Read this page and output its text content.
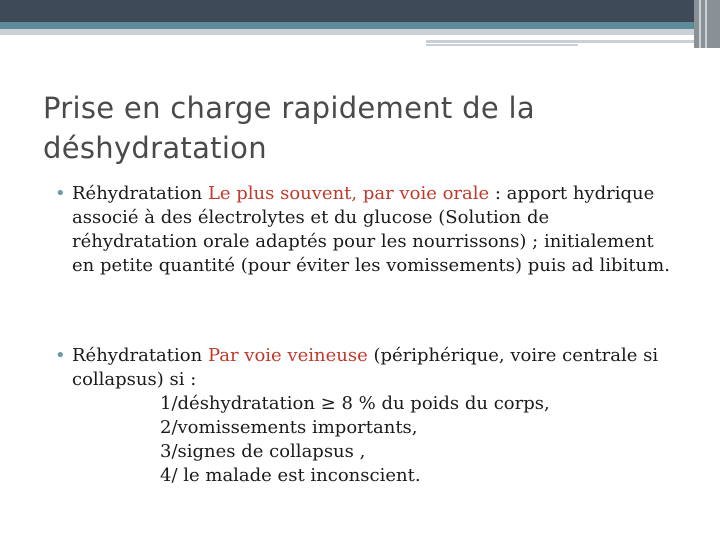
Prise en charge rapidement de la
déshydratation
• Réhydratation Le plus souvent, par voie orale : apport hydrique associé à des électrolytes et du glucose (Solution de réhydratation orale adaptés pour les nourrissons) ; initialement en petite quantité (pour éviter les vomissements) puis ad libitum.
• Réhydratation Par voie veineuse (périphérique, voire centrale si collapsus) si :
1/déshydratation ≥ 8 % du poids du corps,
2/vomissements importants,
3/signes de collapsus ,
4/ le malade est inconscient.
